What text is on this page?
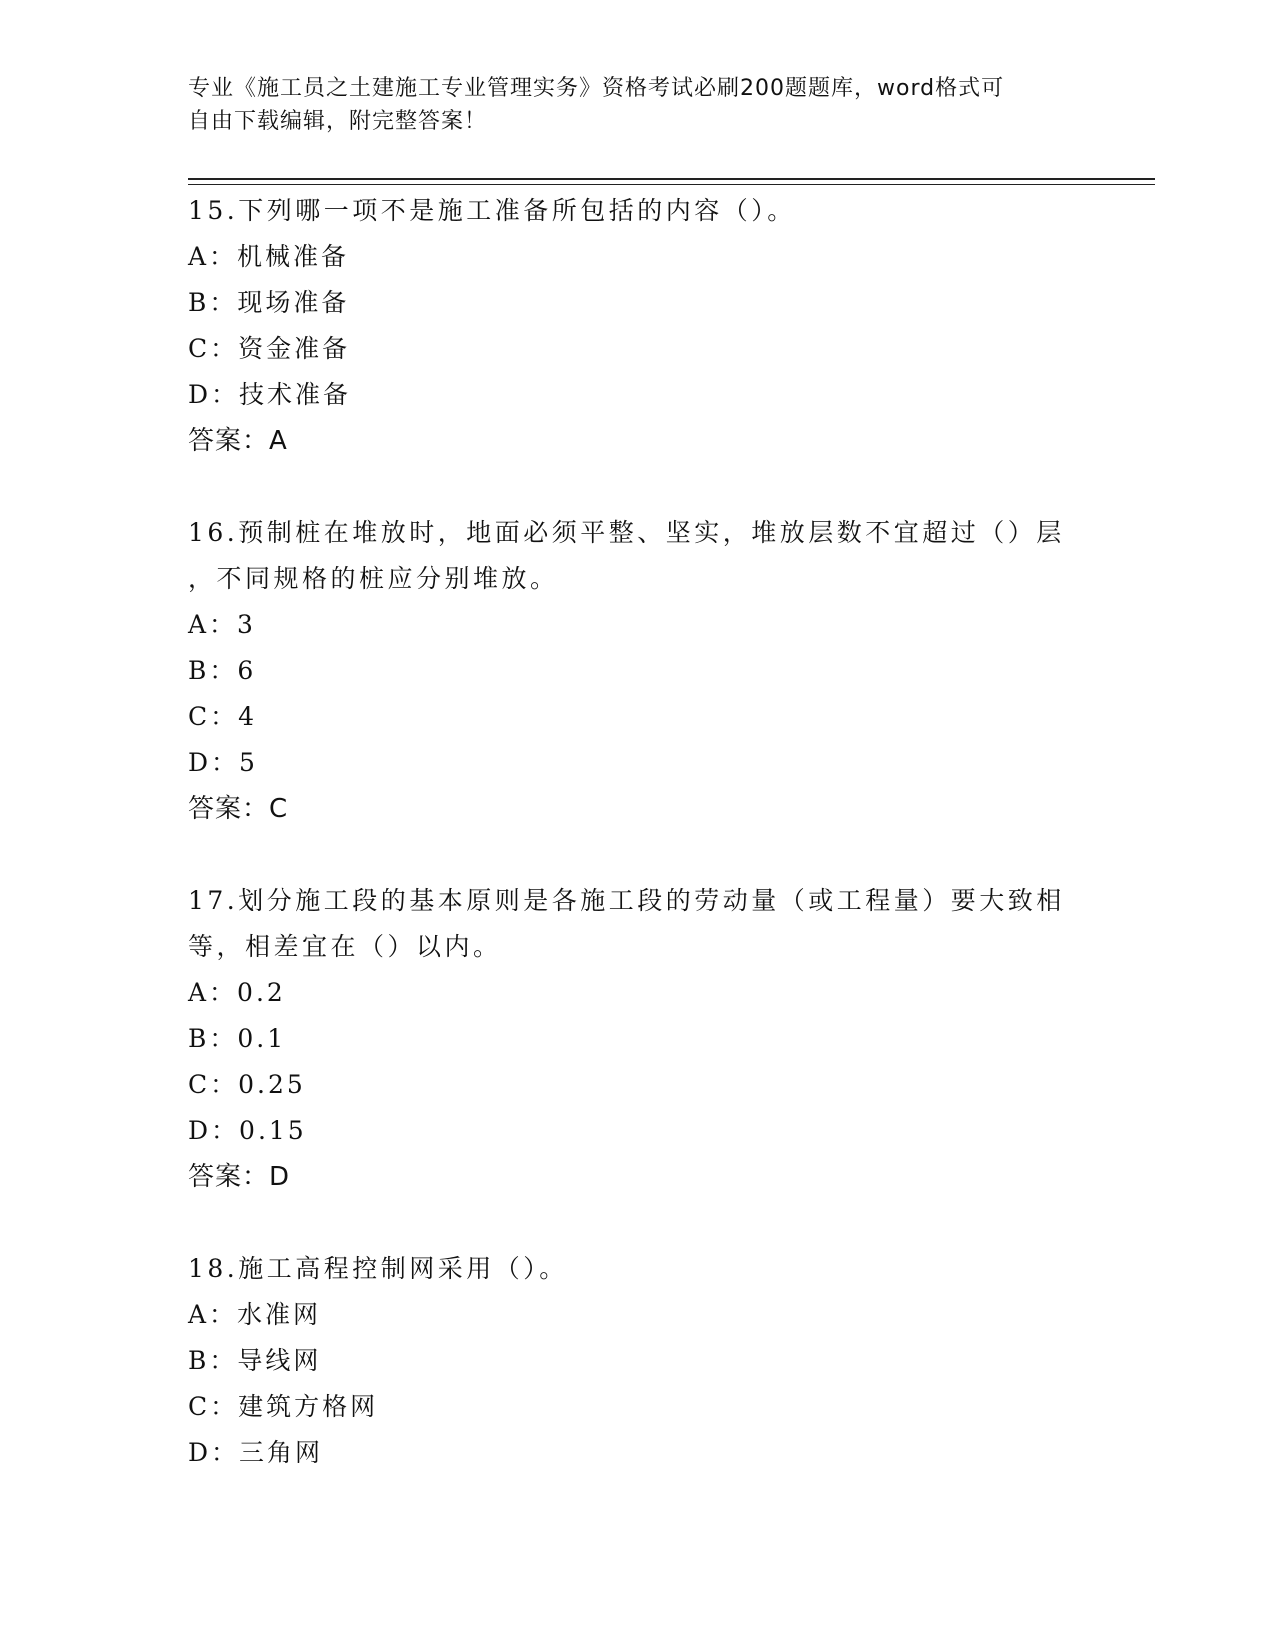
专业《施工员之土建施工专业管理实务》资格考试必刷200题题库，word格式可
自由下载编辑，附完整答案！
15.下列哪一项不是施工准备所包括的内容（）。
A：机械准备
B：现场准备
C：资金准备
D：技术准备
答案：A
16.预制桩在堆放时，地面必须平整、坚实，堆放层数不宜超过（）层
，不同规格的桩应分别堆放。
A：3
B：6
C：4
D：5
答案：C
17.划分施工段的基本原则是各施工段的劳动量（或工程量）要大致相
等，相差宜在（）以内。
A：0.2
B：0.1
C：0.25
D：0.15
答案：D
18.施工高程控制网采用（）。
A：水准网
B：导线网
C：建筑方格网
D：三角网
